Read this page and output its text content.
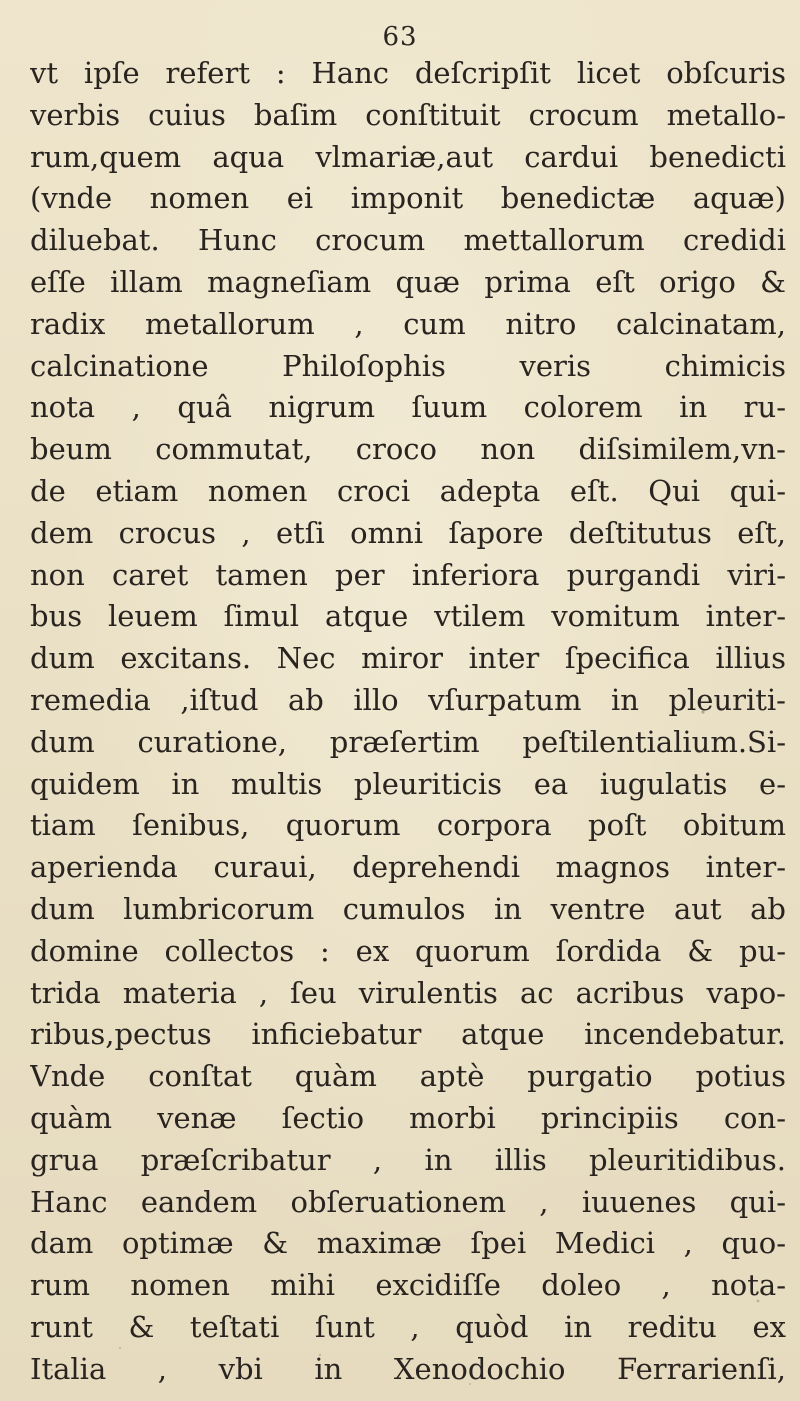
63
vt ipſe refert : Hanc deſcripſit licet obſcuris
verbis cuius baſim conſtituit crocum metallo-
rum,quem aqua vlmariæ,aut cardui benedicti
(vnde nomen ei imponit benedictæ aquæ)
diluebat. Hunc crocum mettallorum credidi
eſſe illam magneſiam quæ prima eſt origo &
radix metallorum , cum nitro calcinatam,
calcinatione Philoſophis veris chimicis
nota , quâ nigrum ſuum colorem in ru-
beum commutat, croco non diſsimilem,vn-
de etiam nomen croci adepta eſt. Qui qui-
dem crocus , etſi omni ſapore deſtitutus eſt,
non caret tamen per inferiora purgandi viri-
bus leuem ſimul atque vtilem vomitum inter-
dum excitans. Nec miror inter ſpecifica illius
remedia ,iſtud ab illo vſurpatum in pleuriti-
dum curatione, præſertim peſtilentialium.Si-
quidem in multis pleuriticis ea iugulatis e-
tiam ſenibus, quorum corpora poſt obitum
aperienda curaui, deprehendi magnos inter-
dum lumbricorum cumulos in ventre aut ab
domine collectos : ex quorum ſordida & pu-
trida materia , ſeu virulentis ac acribus vapo-
ribus,pectus inficiebatur atque incendebatur.
Vnde conſtat quàm aptè purgatio potius
quàm venæ ſectio morbi principiis con-
grua præſcribatur , in illis pleuritidibus.
Hanc eandem obſeruationem , iuuenes qui-
dam optimæ & maximæ ſpei Medici , quo-
rum nomen mihi excidiſſe doleo , nota-
runt & teſtati ſunt , quòd in reditu ex
Italia , vbi in Xenodochio Ferrarienſi,
